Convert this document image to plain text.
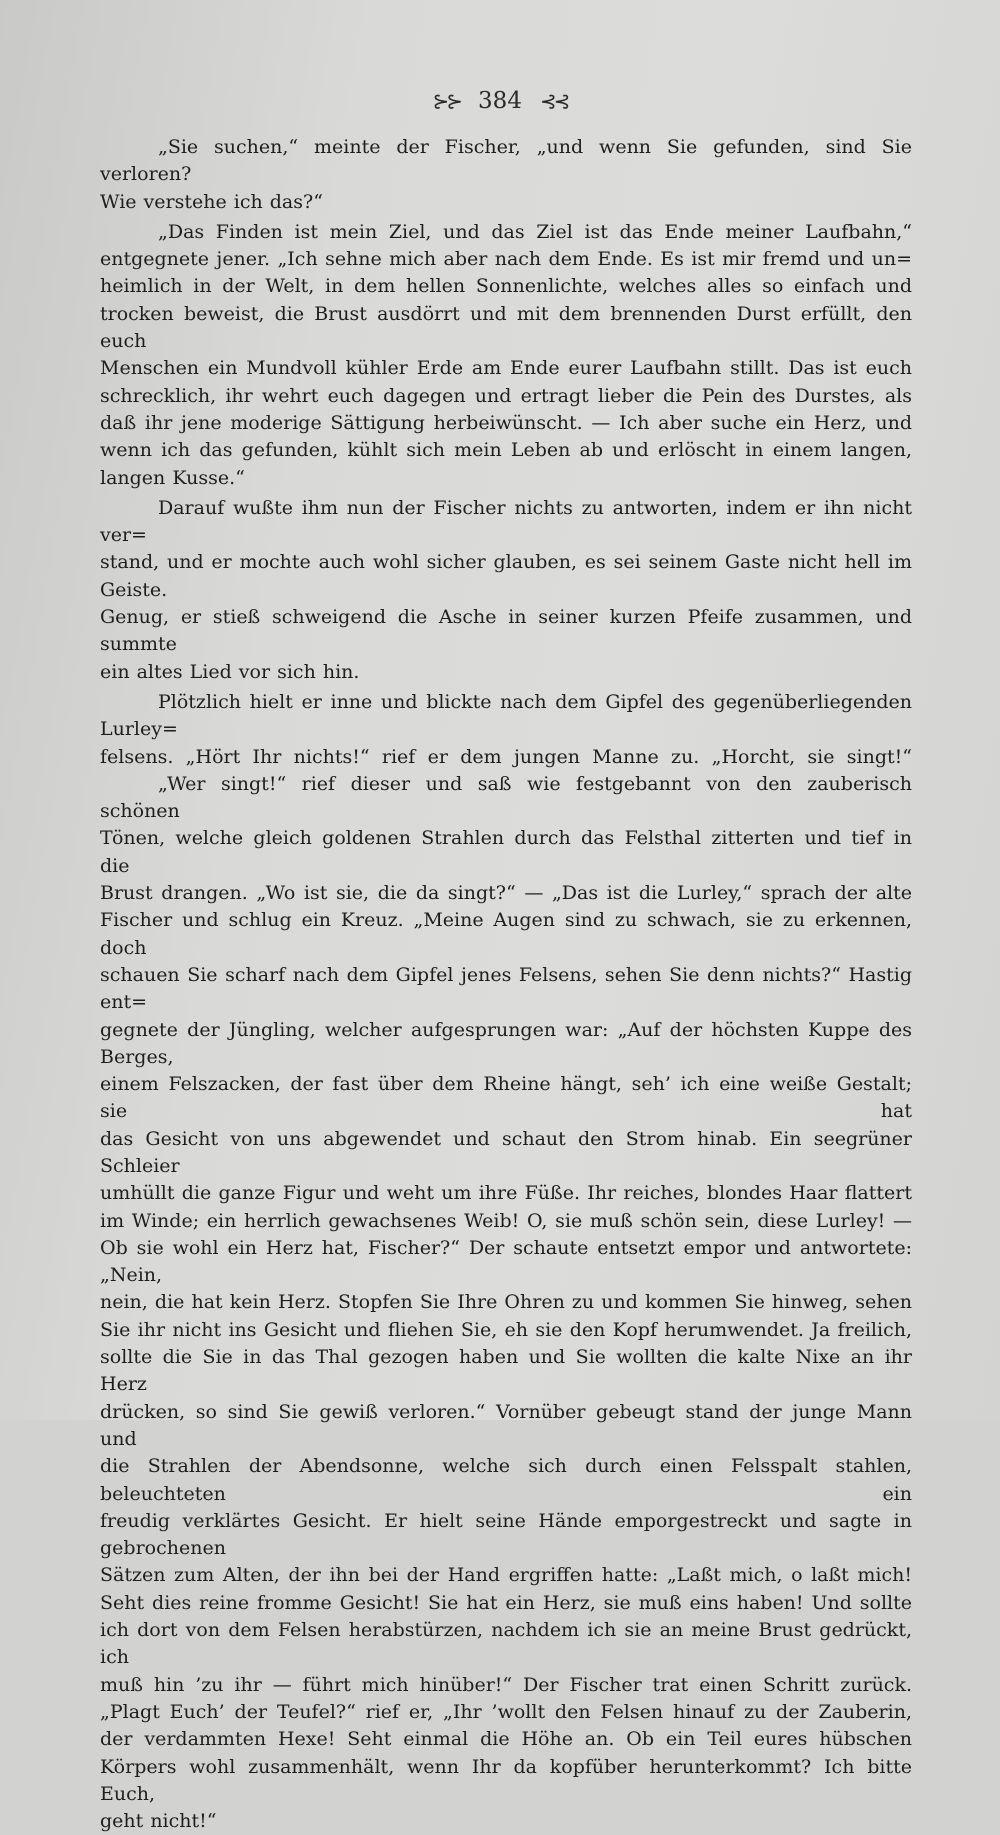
⊱⊱ 384 ⊰⊰

„Sie suchen,“ meinte der Fischer, „und wenn Sie gefunden, sind Sie verloren?

Wie verstehe ich das?“

„Das Finden ist mein Ziel, und das Ziel ist das Ende meiner Laufbahn,“

entgegnete jener. „Ich sehne mich aber nach dem Ende. Es ist mir fremd und un=

heimlich in der Welt, in dem hellen Sonnenlichte, welches alles so einfach und

trocken beweist, die Brust ausdörrt und mit dem brennenden Durst erfüllt, den euch

Menschen ein Mundvoll kühler Erde am Ende eurer Laufbahn stillt. Das ist euch

schrecklich, ihr wehrt euch dagegen und ertragt lieber die Pein des Durstes, als

daß ihr jene moderige Sättigung herbeiwünscht. — Ich aber suche ein Herz, und

wenn ich das gefunden, kühlt sich mein Leben ab und erlöscht in einem langen,

langen Kusse.“

Darauf wußte ihm nun der Fischer nichts zu antworten, indem er ihn nicht ver=

stand, und er mochte auch wohl sicher glauben, es sei seinem Gaste nicht hell im Geiste.

Genug, er stieß schweigend die Asche in seiner kurzen Pfeife zusammen, und summte

ein altes Lied vor sich hin.

Plötzlich hielt er inne und blickte nach dem Gipfel des gegenüberliegenden Lurley=

felsens. „Hört Ihr nichts!“ rief er dem jungen Manne zu. „Horcht, sie singt!“

„Wer singt!“ rief dieser und saß wie festgebannt von den zauberisch schönen

Tönen, welche gleich goldenen Strahlen durch das Felsthal zitterten und tief in die

Brust drangen. „Wo ist sie, die da singt?“ — „Das ist die Lurley,“ sprach der alte

Fischer und schlug ein Kreuz. „Meine Augen sind zu schwach, sie zu erkennen, doch

schauen Sie scharf nach dem Gipfel jenes Felsens, sehen Sie denn nichts?“ Hastig ent=

gegnete der Jüngling, welcher aufgesprungen war: „Auf der höchsten Kuppe des Berges,

einem Felszacken, der fast über dem Rheine hängt, seh’ ich eine weiße Gestalt; sie hat

das Gesicht von uns abgewendet und schaut den Strom hinab. Ein seegrüner Schleier

umhüllt die ganze Figur und weht um ihre Füße. Ihr reiches, blondes Haar flattert

im Winde; ein herrlich gewachsenes Weib! O, sie muß schön sein, diese Lurley! —

Ob sie wohl ein Herz hat, Fischer?“ Der schaute entsetzt empor und antwortete: „Nein,

nein, die hat kein Herz. Stopfen Sie Ihre Ohren zu und kommen Sie hinweg, sehen

Sie ihr nicht ins Gesicht und fliehen Sie, eh sie den Kopf herumwendet. Ja freilich,

sollte die Sie in das Thal gezogen haben und Sie wollten die kalte Nixe an ihr Herz

drücken, so sind Sie gewiß verloren.“ Vornüber gebeugt stand der junge Mann und

die Strahlen der Abendsonne, welche sich durch einen Felsspalt stahlen, beleuchteten ein

freudig verklärtes Gesicht. Er hielt seine Hände emporgestreckt und sagte in gebrochenen

Sätzen zum Alten, der ihn bei der Hand ergriffen hatte: „Laßt mich, o laßt mich!

Seht dies reine fromme Gesicht! Sie hat ein Herz, sie muß eins haben! Und sollte

ich dort von dem Felsen herabstürzen, nachdem ich sie an meine Brust gedrückt, ich

muß hin ’zu ihr — führt mich hinüber!“ Der Fischer trat einen Schritt zurück.

„Plagt Euch’ der Teufel?“ rief er, „Ihr ’wollt den Felsen hinauf zu der Zauberin,

der verdammten Hexe! Seht einmal die Höhe an. Ob ein Teil eures hübschen

Körpers wohl zusammenhält, wenn Ihr da kopfüber herunterkommt? Ich bitte Euch,

geht nicht!“
